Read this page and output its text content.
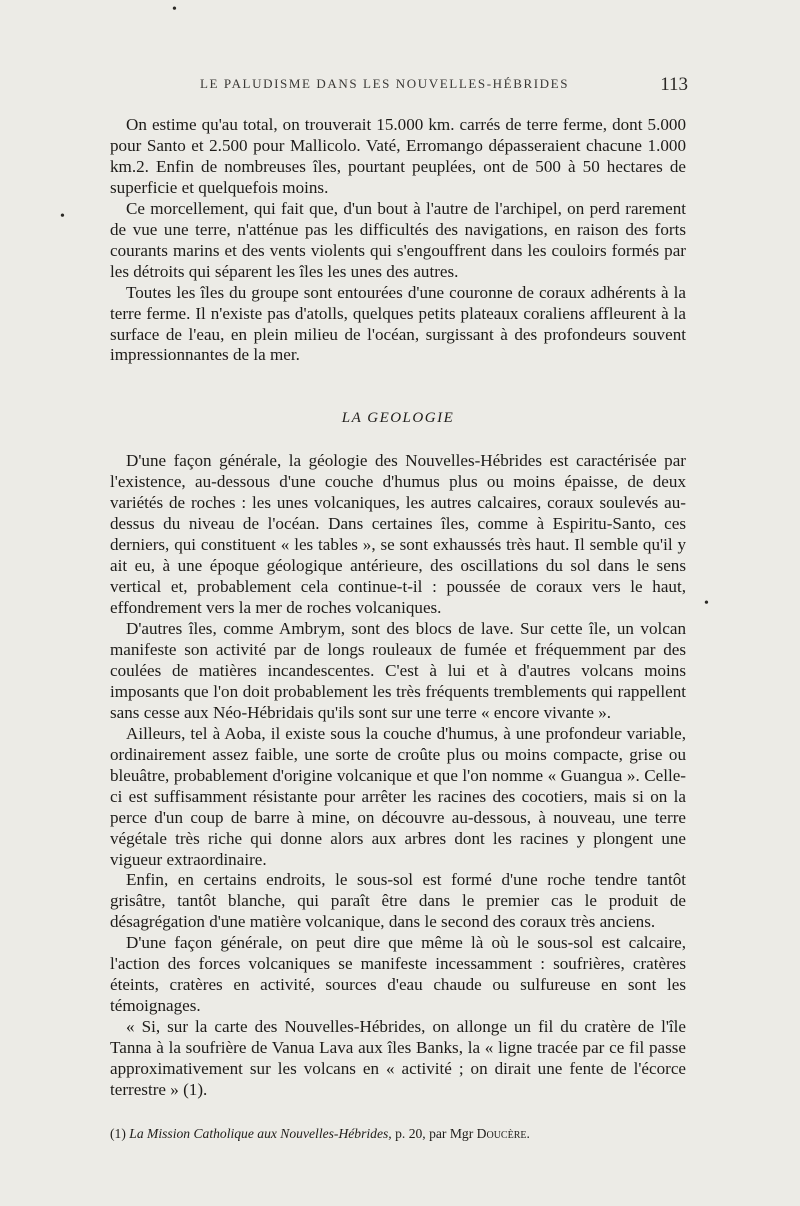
LE PALUDISME DANS LES NOUVELLES-HÉBRIDES	113
•
•
•

On estime qu'au total, on trouverait 15.000 km. carrés de terre ferme, dont 5.000 pour Santo et 2.500 pour Mallicolo. Vaté, Erromango dépasseraient chacune 1.000 km.2. Enfin de nombreuses îles, pourtant peuplées, ont de 500 à 50 hectares de superficie et quelquefois moins.

Ce morcellement, qui fait que, d'un bout à l'autre de l'archipel, on perd rarement de vue une terre, n'atténue pas les difficultés des navigations, en raison des forts courants marins et des vents violents qui s'engouffrent dans les couloirs formés par les détroits qui séparent les îles les unes des autres.

Toutes les îles du groupe sont entourées d'une couronne de coraux adhérents à la terre ferme. Il n'existe pas d'atolls, quelques petits plateaux coraliens affleurent à la surface de l'eau, en plein milieu de l'océan, surgissant à des profondeurs souvent impressionnantes de la mer.

LA GEOLOGIE

D'une façon générale, la géologie des Nouvelles-Hébrides est caractérisée par l'existence, au-dessous d'une couche d'humus plus ou moins épaisse, de deux variétés de roches : les unes volcaniques, les autres calcaires, coraux soulevés au-dessus du niveau de l'océan. Dans certaines îles, comme à Espiritu-Santo, ces derniers, qui constituent « les tables », se sont exhaussés très haut. Il semble qu'il y ait eu, à une époque géologique antérieure, des oscillations du sol dans le sens vertical et, probablement cela continue-t-il : poussée de coraux vers le haut, effondrement vers la mer de roches volcaniques.

D'autres îles, comme Ambrym, sont des blocs de lave. Sur cette île, un volcan manifeste son activité par de longs rouleaux de fumée et fréquemment par des coulées de matières incandescentes. C'est à lui et à d'autres volcans moins imposants que l'on doit probablement les très fréquents tremblements qui rappellent sans cesse aux Néo-Hébridais qu'ils sont sur une terre « encore vivante ».

Ailleurs, tel à Aoba, il existe sous la couche d'humus, à une profondeur variable, ordinairement assez faible, une sorte de croûte plus ou moins compacte, grise ou bleuâtre, probablement d'origine volcanique et que l'on nomme « Guangua ». Celle-ci est suffisamment résistante pour arrêter les racines des cocotiers, mais si on la perce d'un coup de barre à mine, on découvre au-dessous, à nouveau, une terre végétale très riche qui donne alors aux arbres dont les racines y plongent une vigueur extraordinaire.

Enfin, en certains endroits, le sous-sol est formé d'une roche tendre tantôt grisâtre, tantôt blanche, qui paraît être dans le premier cas le produit de désagrégation d'une matière volcanique, dans le second des coraux très anciens.

D'une façon générale, on peut dire que même là où le sous-sol est calcaire, l'action des forces volcaniques se manifeste incessamment : soufrières, cratères éteints, cratères en activité, sources d'eau chaude ou sulfureuse en sont les témoignages.

« Si, sur la carte des Nouvelles-Hébrides, on allonge un fil du cratère de l'île Tanna à la soufrière de Vanua Lava aux îles Banks, la « ligne tracée par ce fil passe approximativement sur les volcans en « activité ; on dirait une fente de l'écorce terrestre » (1).

(1) La Mission Catholique aux Nouvelles-Hébrides, p. 20, par Mgr Doucère.
